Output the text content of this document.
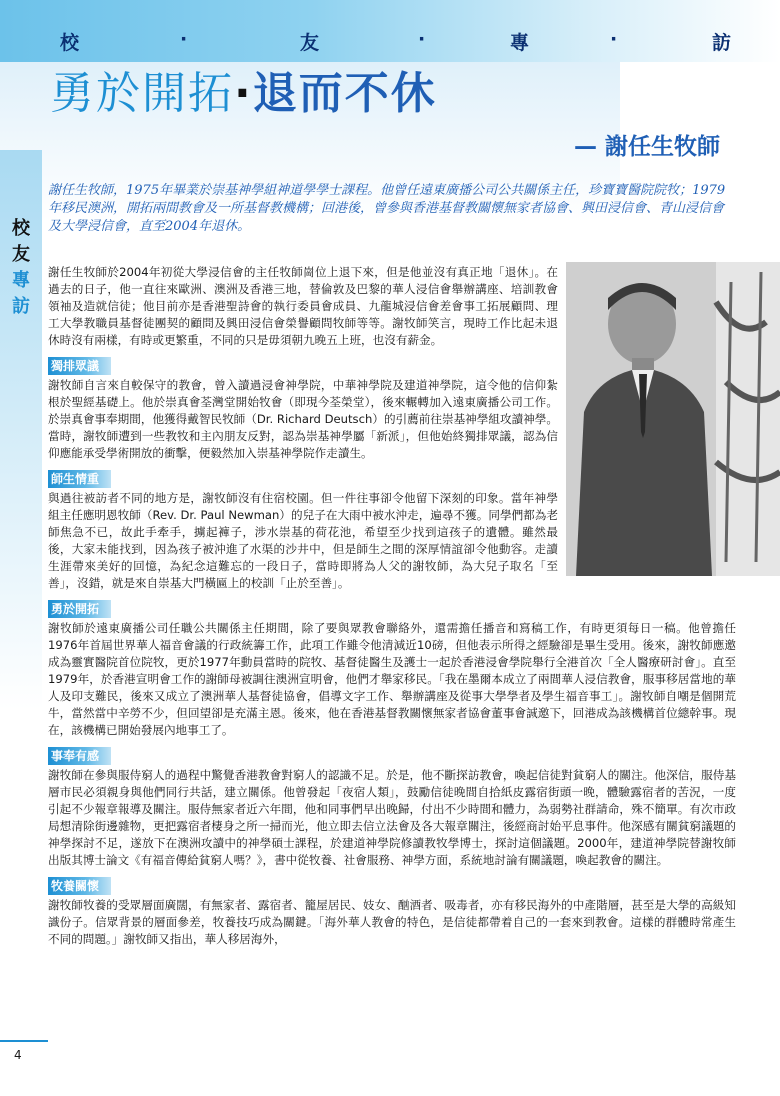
校	·	友	·	專	·	訪
勇於開拓·退而不休
— 謝任生牧師
校
友
專
訪

謝任生牧師，1975年畢業於崇基神學組神道學學士課程。他曾任遠東廣播公司公共關係主任，珍寶寶醫院院牧；1979年移民澳洲，開拓兩間教會及一所基督教機構；回港後，曾參與香港基督教關懷無家者協會、興田浸信會、青山浸信會及大學浸信會，直至2004年退休。

謝任生牧師於2004年初從大學浸信會的主任牧師崗位上退下來，但是他並沒有真正地「退休」。在過去的日子，他一直往來歐洲、澳洲及香港三地，替倫敦及巴黎的華人浸信會舉辦講座、培訓教會領袖及造就信徒；他目前亦是香港聖詩會的執行委員會成員、九龍城浸信會差會事工拓展顧問、理工大學教職員基督徒團契的顧問及興田浸信會榮譽顧問牧師等等。謝牧師笑言，現時工作比起未退休時沒有兩樣，有時或更繁重，不同的只是毋須朝九晚五上班，也沒有薪金。

獨排眾議

謝牧師自言來自較保守的教會，曾入讀過浸會神學院，中華神學院及建道神學院，這令他的信仰紮根於聖經基礎上。他於崇真會荃灣堂開始牧會（即現今荃榮堂），後來輾轉加入遠東廣播公司工作。於崇真會事奉期間，他獲得戴智民牧師（Dr. Richard Deutsch）的引薦前往崇基神學組攻讀神學。當時，謝牧師遭到一些教牧和主內朋友反對，認為崇基神學屬「新派」，但他始終獨排眾議，認為信仰應能承受學術開放的衝擊，便毅然加入崇基神學院作走讀生。

師生情重

與過往被訪者不同的地方是，謝牧師沒有住宿校園。但一件往事卻令他留下深刻的印象。當年神學組主任應明恩牧師（Rev. Dr. Paul Newman）的兒子在大雨中被水沖走，遍尋不獲。同學們都為老師焦急不已，故此手牽手，擄起褲子，涉水崇基的荷花池，希望至少找到這孩子的遺體。雖然最後，大家未能找到，因為孩子被沖進了水渠的沙井中，但是師生之間的深厚情誼卻令他動容。走讀生涯帶來美好的回憶，為紀念這難忘的一段日子，當時即將為人父的謝牧師，為大兒子取名「至善」，沒錯，就是來自崇基大門橫匾上的校訓「止於至善」。

勇於開拓

謝牧師於遠東廣播公司任職公共關係主任期間，除了要與眾教會聯絡外，還需擔任播音和寫稿工作，有時更須每日一稿。他曾擔任1976年首屆世界華人福音會議的行政統籌工作，此項工作雖令他清減近10磅，但他表示所得之經驗卻是畢生受用。後來，謝牧師應邀成為靈實醫院首位院牧，更於1977年動員當時的院牧、基督徒醫生及護士一起於香港浸會學院舉行全港首次「全人醫療研討會」。直至1979年，於香港宣明會工作的謝師母被調往澳洲宣明會，他們才舉家移民。「我在墨爾本成立了兩間華人浸信教會，服事移居當地的華人及印支難民，後來又成立了澳洲華人基督徒協會，倡導文字工作、舉辦講座及從事大學學者及學生福音事工」。謝牧師自嘲是個開荒牛，當然當中辛勞不少，但回望卻是充滿主恩。後來，他在香港基督教關懷無家者協會董事會誠邀下，回港成為該機構首位總幹事。現在，該機構已開始發展內地事工了。

事奉有感

謝牧師在參與服侍窮人的過程中驚覺香港教會對窮人的認識不足。於是，他不斷探訪教會，喚起信徒對貧窮人的關注。他深信，服侍基層市民必須親身與他們同行共話，建立關係。他曾發起「夜宿人類」，鼓勵信徒晚間自拾紙皮露宿街頭一晚，體驗露宿者的苦況，一度引起不少報章報導及關注。服侍無家者近六年間，他和同事們早出晚歸，付出不少時間和體力，為弱勢社群請命，殊不簡單。有次市政局想清除街邊雜物，更把露宿者棲身之所一掃而光，他立即去信立法會及各大報章關注，後經商討始平息事件。他深感有關貧窮議題的神學探討不足，遂放下在澳洲攻讀中的神學碩士課程，於建道神學院修讀教牧學博士，探討這個議題。2000年，建道神學院替謝牧師出版其博士論文《有福音傳給貧窮人嗎？》，書中從牧養、社會服務、神學方面，系統地討論有關議題，喚起教會的關注。

牧養關懷

謝牧師牧養的受眾層面廣闊，有無家者、露宿者、籠屋居民、妓女、酗酒者、吸毒者，亦有移民海外的中產階層，甚至是大學的高級知識份子。信眾背景的層面參差，牧養技巧成為關鍵。「海外華人教會的特色，是信徒都帶着自己的一套來到教會。這樣的群體時常產生不同的問題。」謝牧師又指出，華人移居海外，

4
